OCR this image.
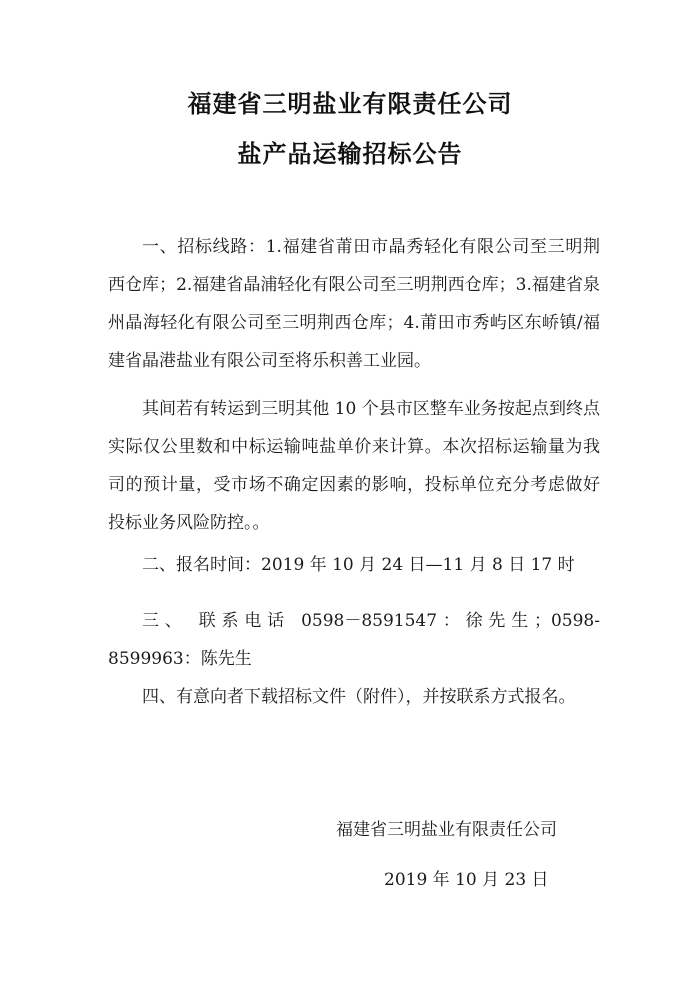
福建省三明盐业有限责任公司
盐产品运输招标公告

一、招标线路：1.福建省莆田市晶秀轻化有限公司至三明荆西仓库；2.福建省晶浦轻化有限公司至三明荆西仓库；3.福建省泉州晶海轻化有限公司至三明荆西仓库；4.莆田市秀屿区东峤镇/福建省晶港盐业有限公司至将乐积善工业园。

其间若有转运到三明其他 10 个县市区整车业务按起点到终点实际仅公里数和中标运输吨盐单价来计算。本次招标运输量为我司的预计量，受市场不确定因素的影响，投标单位充分考虑做好投标业务风险防控。。

二、报名时间：2019 年 10 月 24 日—11 月 8 日 17 时

三、 联系电话 0598－8591547：徐先生；0598-8599963：陈先生

四、有意向者下载招标文件（附件），并按联系方式报名。

福建省三明盐业有限责任公司
2019 年 10 月 23 日
